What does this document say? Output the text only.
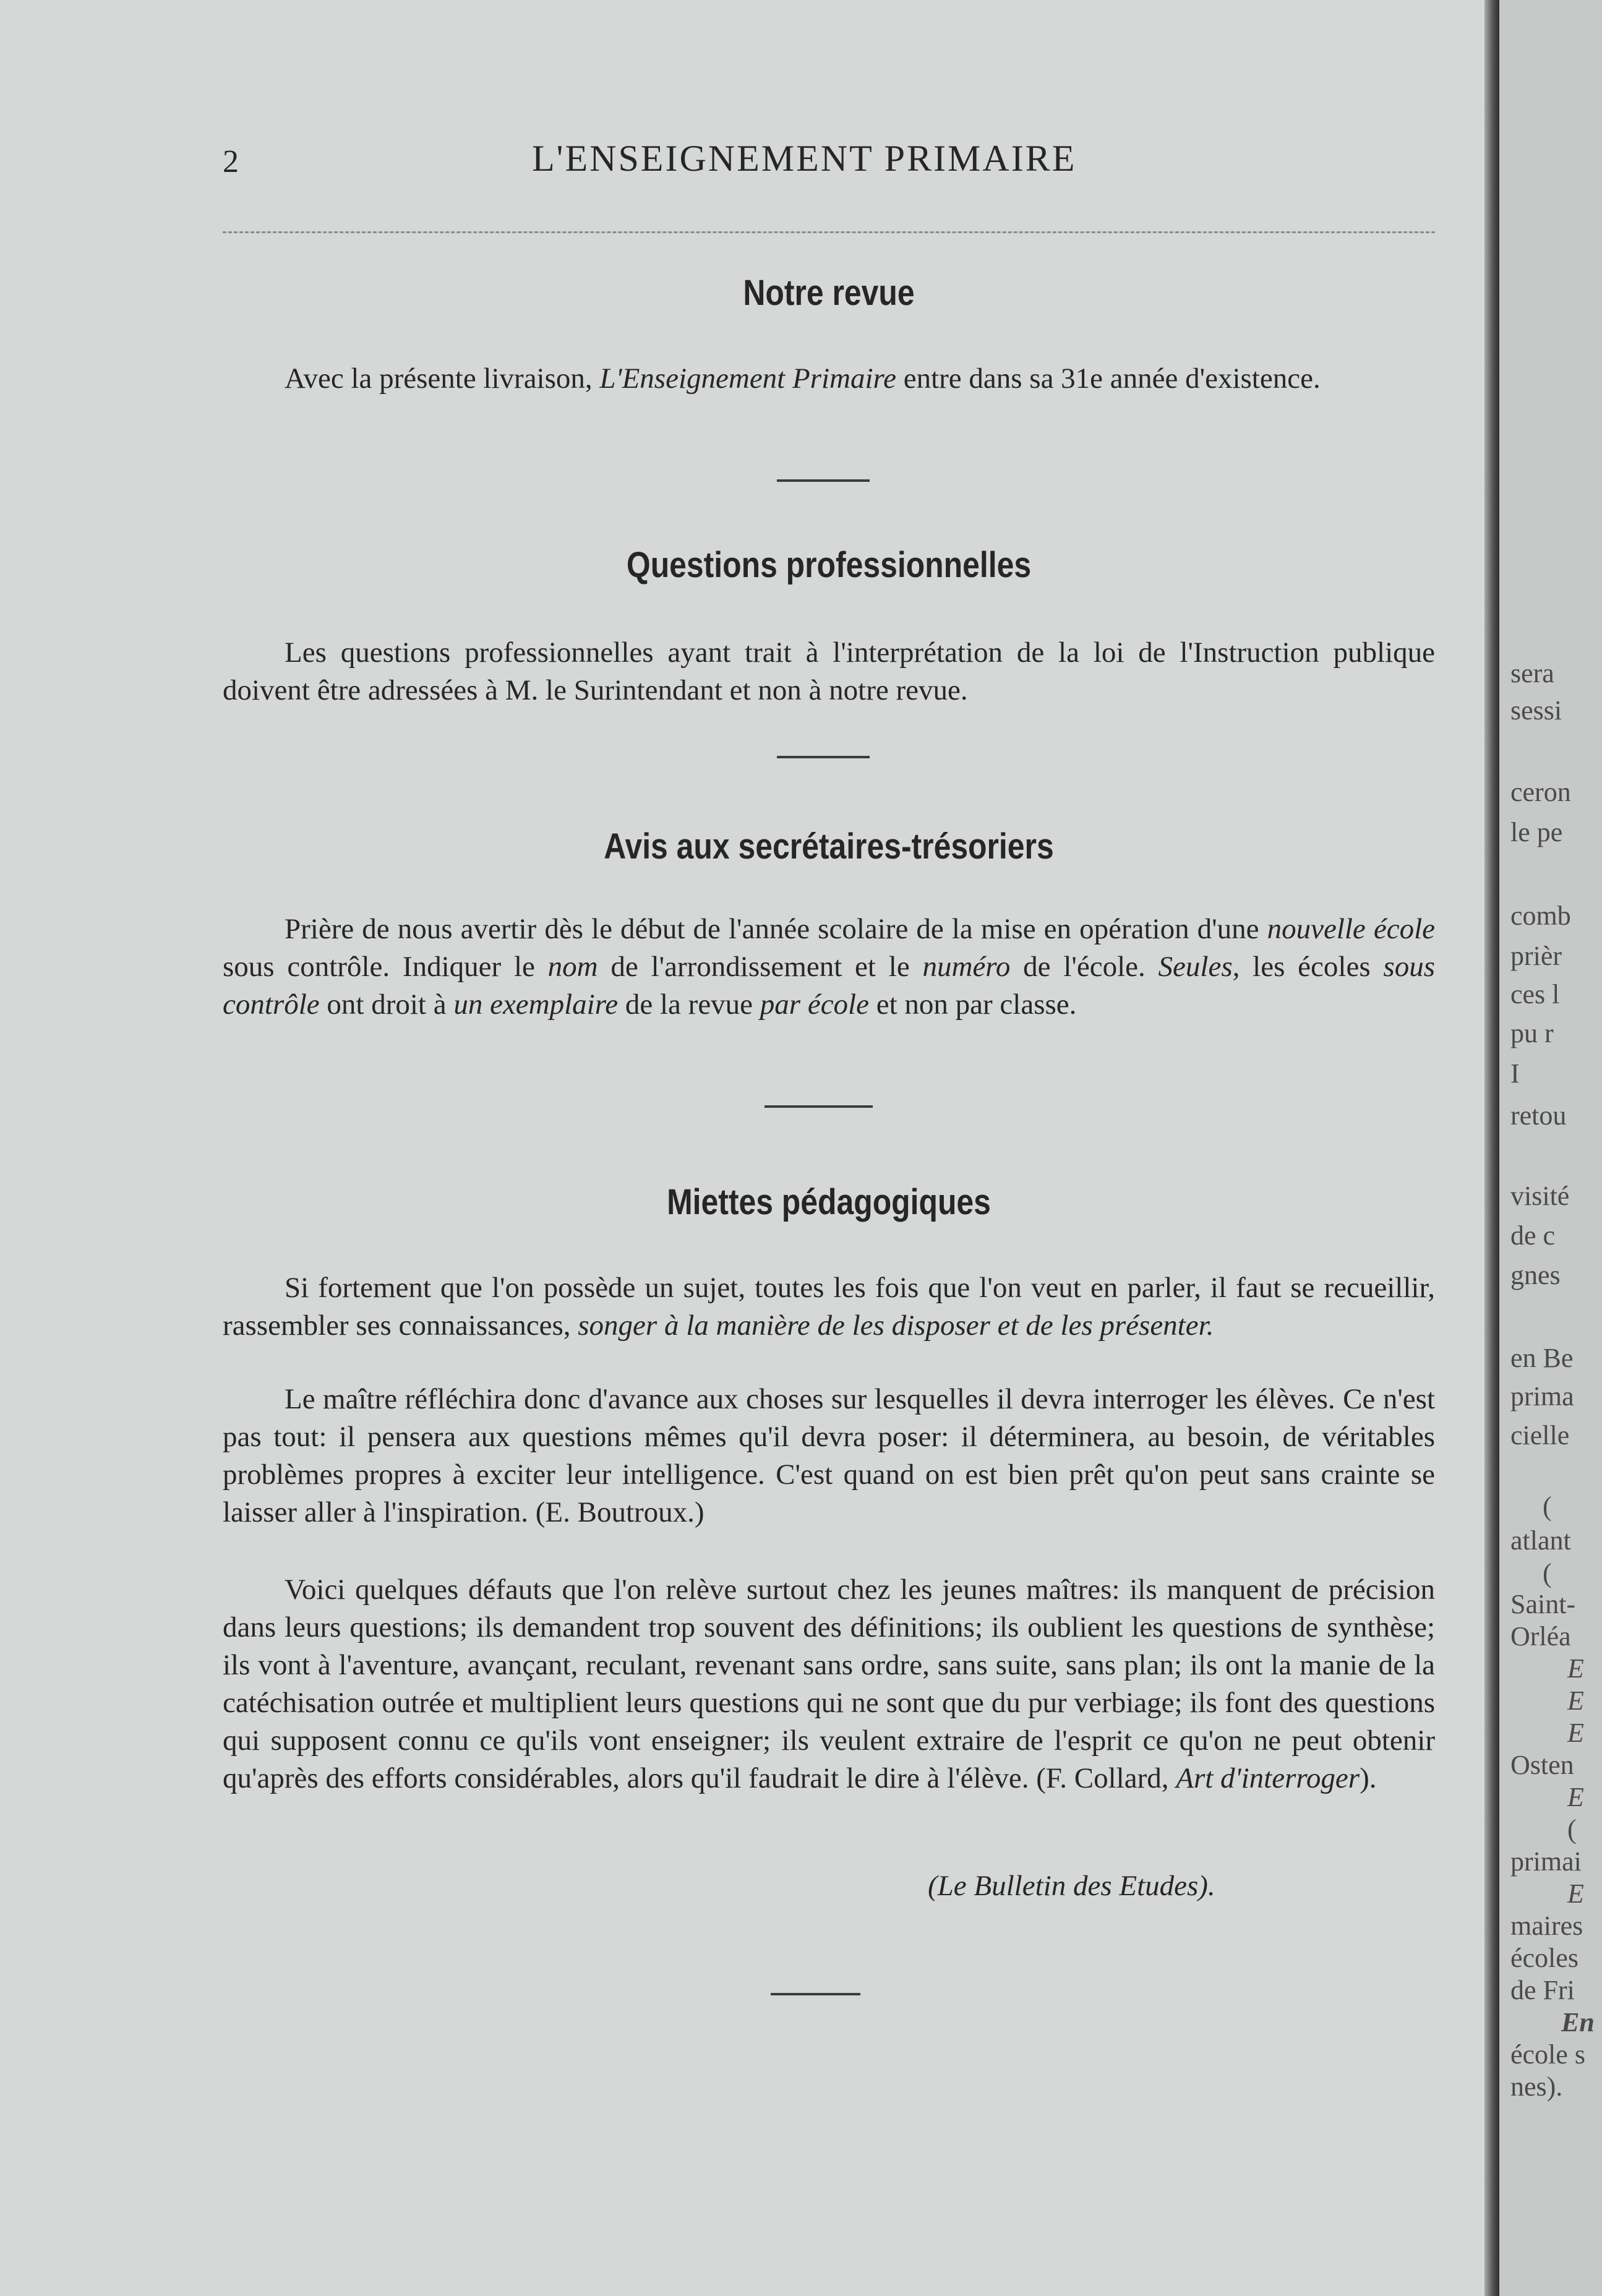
2	L'ENSEIGNEMENT PRIMAIRE
Notre revue
Avec la présente livraison, L'Enseignement Primaire entre dans sa 31e année d'existence.
Questions professionnelles
Les questions professionnelles ayant trait à l'interprétation de la loi de l'Instruction publique doivent être adressées à M. le Surintendant et non à notre revue.
Avis aux secrétaires-trésoriers
Prière de nous avertir dès le début de l'année scolaire de la mise en opération d'une nouvelle école sous contrôle. Indiquer le nom de l'arrondissement et le numéro de l'école. Seules, les écoles sous contrôle ont droit à un exemplaire de la revue par école et non par classe.
Miettes pédagogiques
Si fortement que l'on possède un sujet, toutes les fois que l'on veut en parler, il faut se recueillir, rassembler ses connaissances, songer à la manière de les disposer et de les présenter.
Le maître réfléchira donc d'avance aux choses sur lesquelles il devra interroger les élèves. Ce n'est pas tout: il pensera aux questions mêmes qu'il devra poser: il déterminera, au besoin, de véritables problèmes propres à exciter leur intelligence. C'est quand on est bien prêt qu'on peut sans crainte se laisser aller à l'inspiration. (E. Boutroux.)
Voici quelques défauts que l'on relève surtout chez les jeunes maîtres: ils manquent de précision dans leurs questions; ils demandent trop souvent des définitions; ils oublient les questions de synthèse; ils vont à l'aventure, avançant, reculant, revenant sans ordre, sans suite, sans plan; ils ont la manie de la catéchisation outrée et multiplient leurs questions qui ne sont que du pur verbiage; ils font des questions qui supposent connu ce qu'ils vont enseigner; ils veulent extraire de l'esprit ce qu'on ne peut obtenir qu'après des efforts considérables, alors qu'il faudrait le dire à l'élève. (F. Collard, Art d'interroger).
(Le Bulletin des Etudes).
sera
sessi
ceron
le pe
comb
prièr
ces l
pu r
I
retou
visité
de c
gnes
en Be
prima
cielle
(
atlant
(
Saint-
Orléa
E
E
E
Osten
E
(
primai
E
maires
écoles
de Fri
En
école s
nes).
